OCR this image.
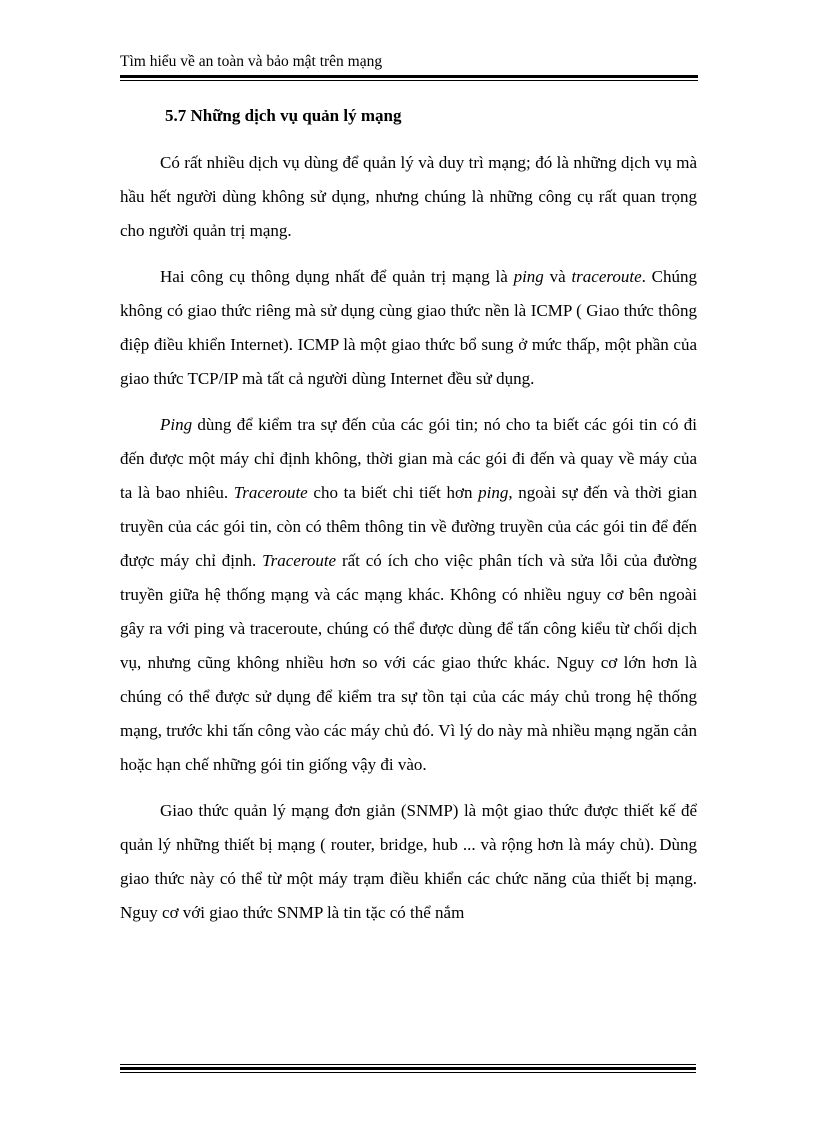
Tìm hiểu về an toàn và bảo mật trên mạng
5.7 Những dịch vụ quản lý mạng

Có rất nhiều dịch vụ dùng để quản lý và duy trì mạng; đó là những dịch vụ mà hầu hết người dùng không sử dụng, nhưng chúng là những công cụ rất quan trọng cho người quản trị mạng.

Hai công cụ thông dụng nhất để quản trị mạng là ping và traceroute. Chúng không có giao thức riêng mà sử dụng cùng giao thức nền là ICMP ( Giao thức thông điệp điều khiển Internet). ICMP là một giao thức bổ sung ở mức thấp, một phần của giao thức TCP/IP mà tất cả người dùng Internet đều sử dụng.

Ping dùng để kiểm tra sự đến của các gói tin; nó cho ta biết các gói tin có đi đến được một máy chỉ định không, thời gian mà các gói đi đến và quay về máy của ta là bao nhiêu. Traceroute cho ta biết chi tiết hơn ping, ngoài sự đến và thời gian truyền của các gói tin, còn có thêm thông tin về đường truyền của các gói tin để đến được máy chỉ định. Traceroute rất có ích cho việc phân tích và sửa lỗi của đường truyền giữa hệ thống mạng và các mạng khác. Không có nhiều nguy cơ bên ngoài gây ra với ping và traceroute, chúng có thể được dùng để tấn công kiểu từ chối dịch vụ, nhưng cũng không nhiều hơn so với các giao thức khác. Nguy cơ lớn hơn là chúng có thể được sử dụng để kiểm tra sự tồn tại của các máy chủ trong hệ thống mạng, trước khi tấn công vào các máy chủ đó. Vì lý do này mà nhiều mạng ngăn cản hoặc hạn chế những gói tin giống vậy đi vào.

Giao thức quản lý mạng đơn giản (SNMP) là một giao thức được thiết kế để quản lý những thiết bị mạng ( router, bridge, hub ... và rộng hơn là máy chủ). Dùng giao thức này có thể từ một máy trạm điều khiển các chức năng của thiết bị mạng. Nguy cơ với giao thức SNMP là tin tặc có thể nắm
